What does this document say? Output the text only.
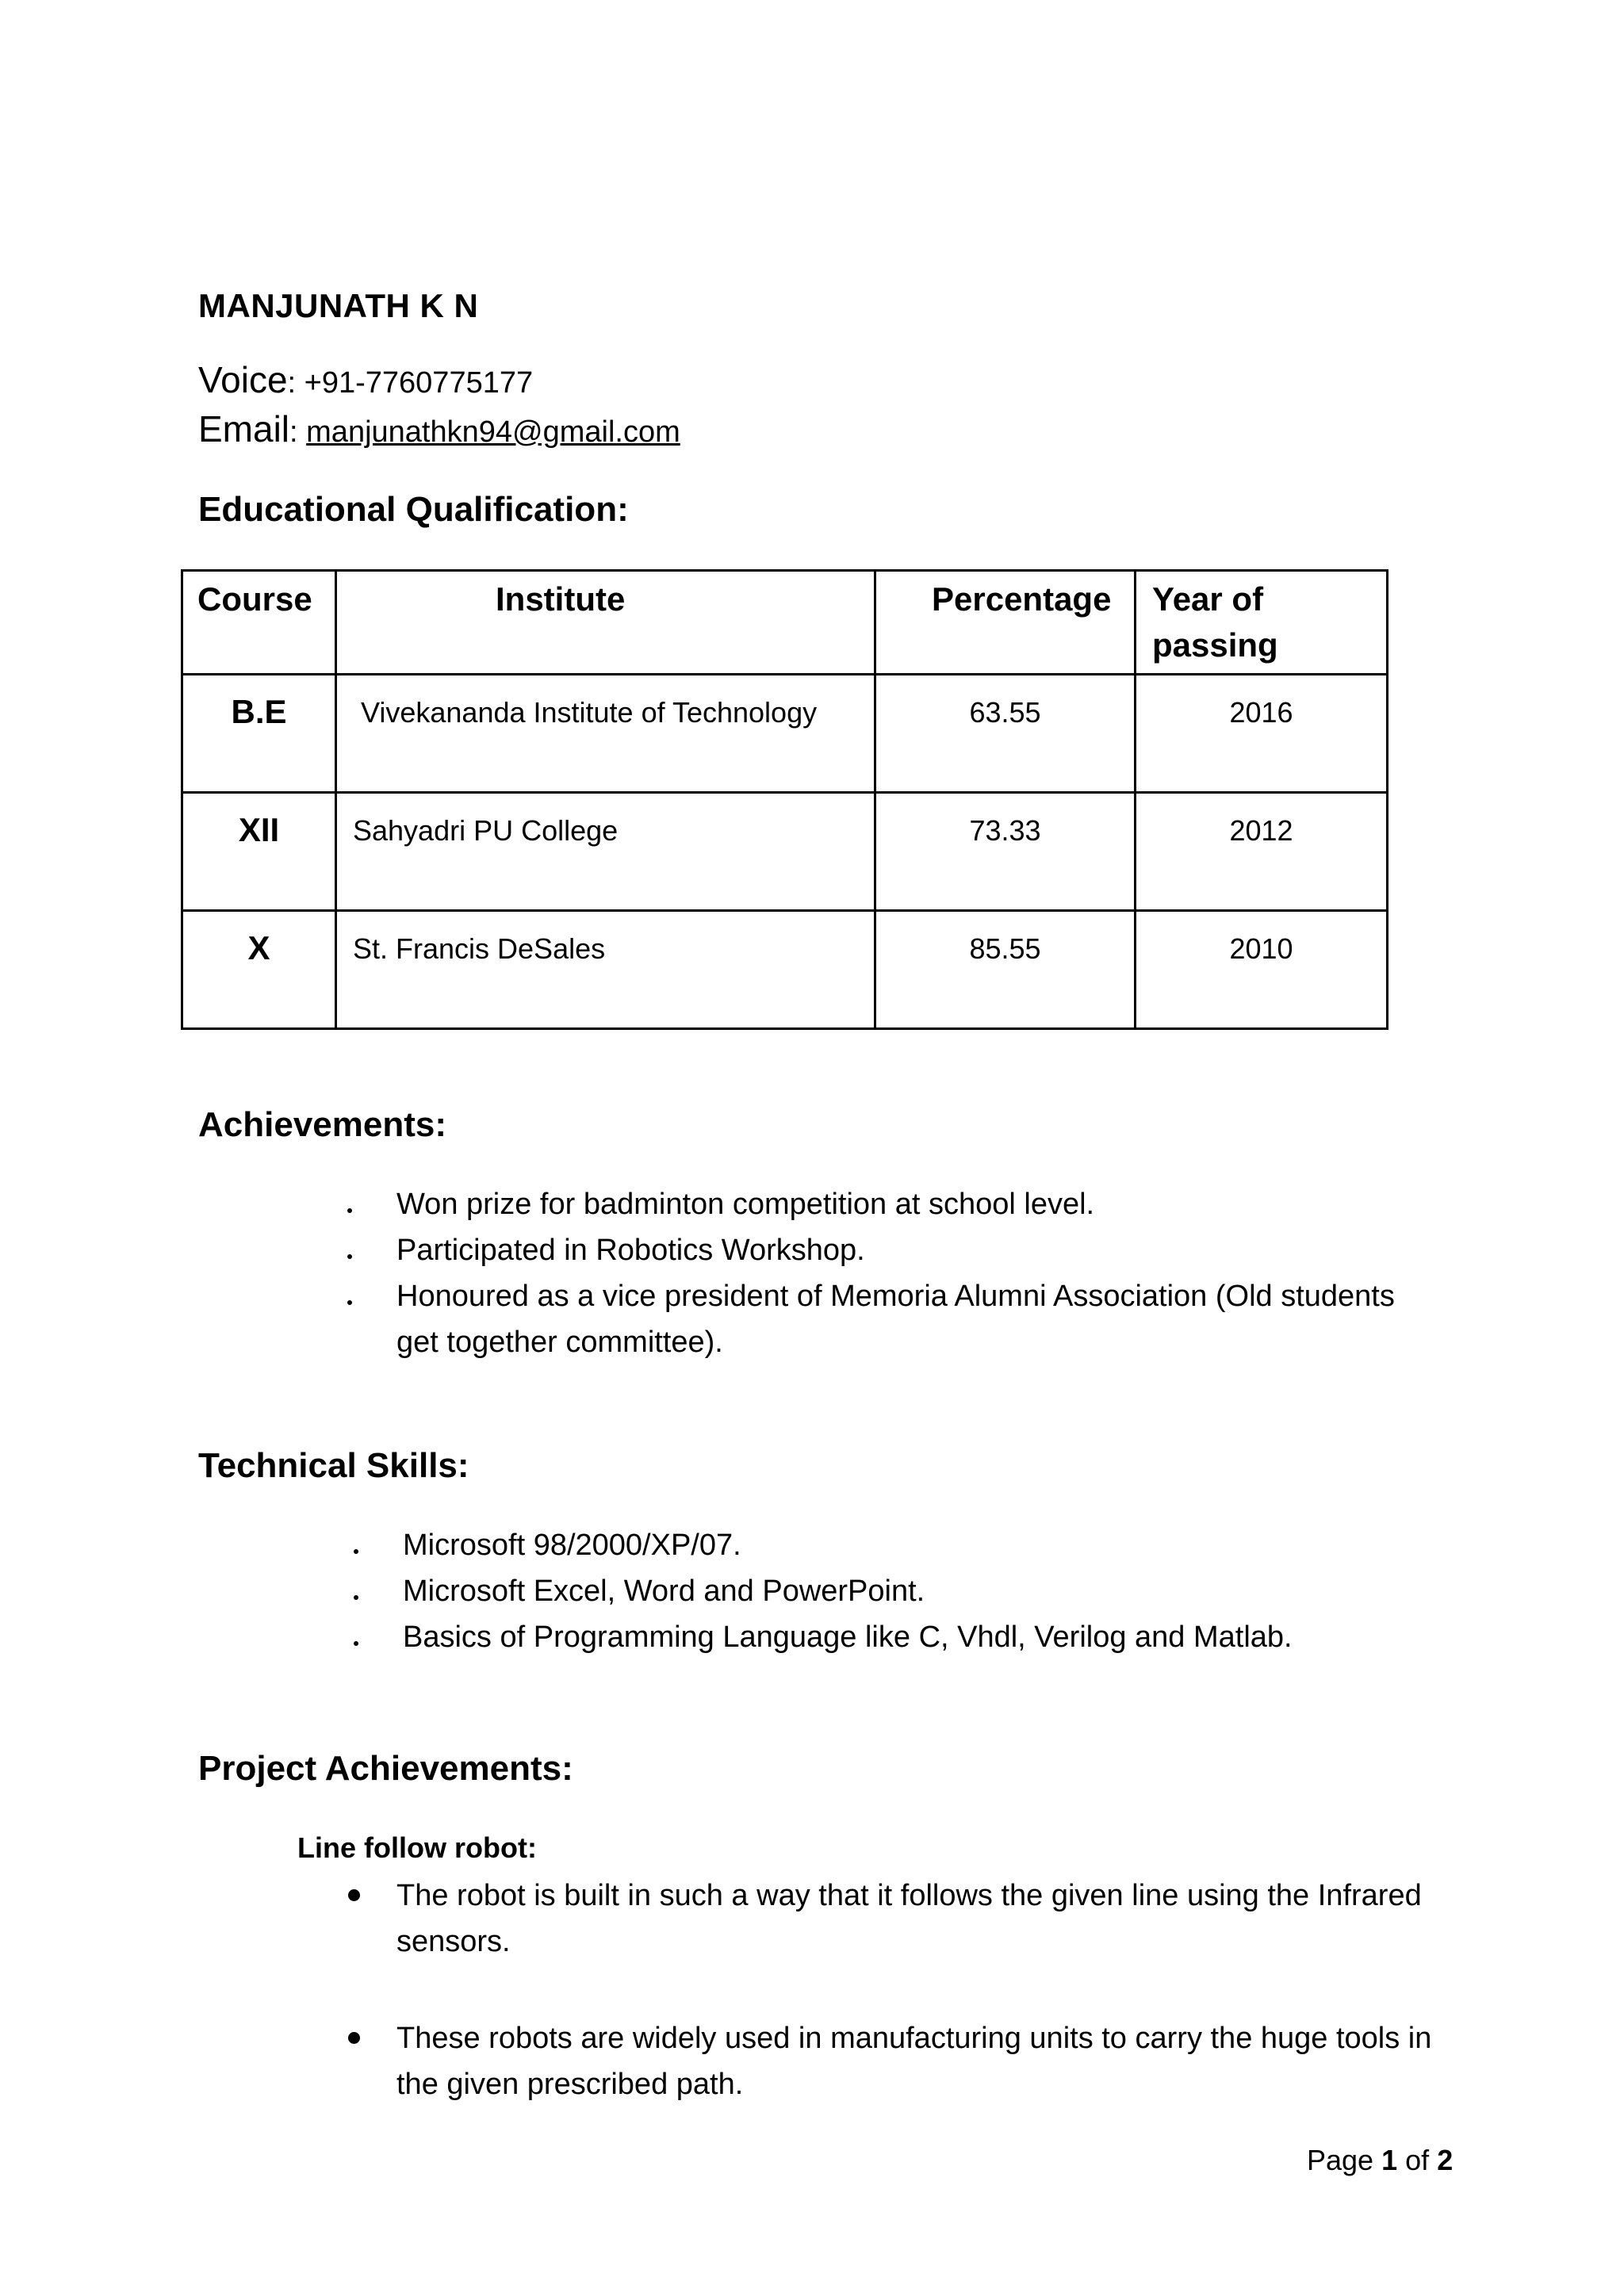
MANJUNATH K N
Voice: +91-7760775177
Email: manjunathkn94@gmail.com
Educational Qualification:
Course	Institute	Percentage	Year of passing

B.E	Vivekananda Institute of Technology	63.55	2016

XII	Sahyadri PU College	73.33	2012

X	St. Francis DeSales	85.55	2010
Achievements:
Won prize for badminton competition at school level.
Participated in Robotics Workshop.
Honoured as a vice president of Memoria Alumni Association (Old students get together committee).
Technical Skills:
Microsoft 98/2000/XP/07.
Microsoft Excel, Word and PowerPoint.
Basics of Programming Language like C, Vhdl, Verilog and Matlab.
Project Achievements:
Line follow robot:
The robot is built in such a way that it follows the given line using the Infrared sensors.
These robots are widely used in manufacturing units to carry the huge tools in the given prescribed path.
Page 1 of 2
